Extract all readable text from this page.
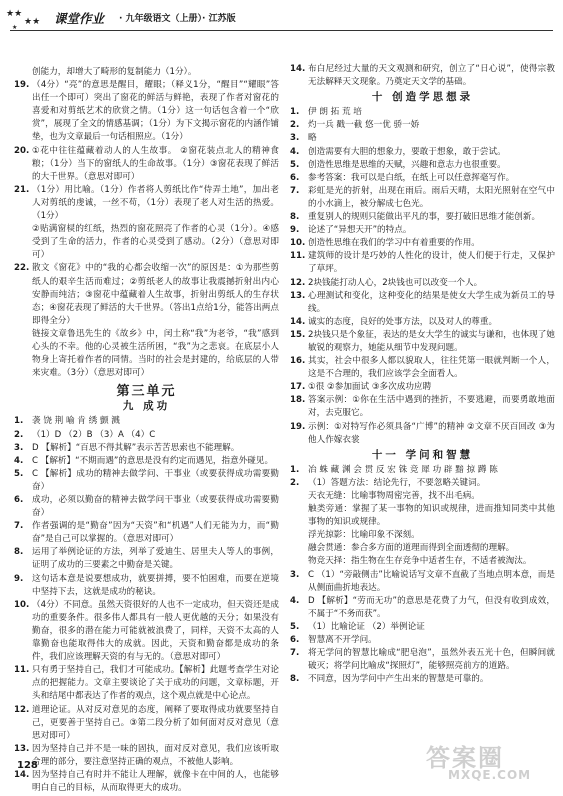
★★
★★
★
课堂作业 · 九年级语文（上册）· 江苏版
创能力，却增大了畸形的复制能力（1分）。
19. （4分）“亮”的意思是醒目，耀眼；（释义1分，“醒目”“耀眼”答出任一个即可）突出了窗花的鲜活与鲜艳，表现了作者对窗花的喜爱和对剪纸艺术的欣赏之情。（1分）这一句话包含着一个“欣赏”，展现了全文的情感基调；（1分）为下文揭示窗花的内涵作铺垫，也为文章最后一句话相照应。（1分）
20. ①花中往往蕴藏着动人的人生故事。 ②窗花装点北人的精神食粮；（1分）当下的窗纸人的生命故事。（1分）③窗花表现了鲜活的大千世界。（意思对即可）
21. （1分）用比喻。（1分）作者将人剪纸比作“侍弄土地”，加出老人对剪纸的虔诚，一丝不苟，（1分）表现了老人对生活的热爱。（1分）
②贴满窗棂的红纸，热烈的窗花照亮了作者的心灵（1分）。④感受到了生命的活力，作者的心灵受到了感动。（2分）（意思对即可）
22. 散文《窗花》中的“我的心都会收缩一次”的原因是：①为那些剪纸人的艰辛生活而难过；②剪纸老人的故事让我震撼折射出内心安静而纯洁；③窗花中蕴藏着人生故事，折射出剪纸人的生存状态；④窗花表现了鲜活的大千世界。（答出1点给1分，能答出两点即得全分）
链接文章鲁迅先生的《故乡》中，闰土称“我”为老爷，“我”感到心头的不幸。他的心灵被生活所困，“我”为之悲哀。在底层小人物身上寄托着作者的同情。当时的社会是封建的，给底层的人带来灾难。（3分）（意思对即可）
第三单元
九 成功
1.	袭 饶 荆 喻 肯 绣 颤 溅
2.	（1）D （2）B （3）A （4）C
3.	D 【解析】“百思不得其解”表示苦苦思索也不能理解。
4.	C 【解析】“不期而遇”的意思是没有约定而遇见，指意外碰见。
5.	C 【解析】成功的精神去做学问、干事业（或要获得成功需要勤奋）
6.	成功，必须以勤奋的精神去做学问干事业（或要获得成功需要勤奋）
7.	作者强调的是“勤奋”因为“天资”和“机遇”人们无能为力，而“勤奋”是自己可以掌握的。（意思对即可）
8.	运用了举例论证的方法，列举了爱迪生、居里夫人等人的事例，证明了成功的三要素之中勤奋是关键。
9.	这句话本意是说要想成功，就要拼搏，要不怕困难，而要在逆境中坚持下去，这就是成功的秘诀。
10. （4分）不同意。虽然天资很好的人也不一定成功，但天资还是成功的重要条件。很多伟人都具有一般人更优越的天分；如果没有勤奋，很多的潜在能力可能就被浪费了，同样，天资不太高的人靠勤奋也能取得伟大的成就。因此，天资和勤奋都是成功的条件，我们应该理解天资的有与无的。（意思对即可）
11. 只有勇于坚持自己，我们才可能成功。【解析】此题考查学生对论点的把握能力。文章主要谈论了关于成功的问题，文章标题，开头和结尾中都表达了作者的观点，这个观点就是中心论点。
12. 道理论证。从对反对意见的态度，阐释了要取得成功就要坚持自己，更要善于坚持自己。③第二段分析了如何面对反对意见（意思对即可）
13. 因为坚持自己并不是一味的固执，面对反对意见，我们应该听取合理的部分，要注意坚持正确的观点，不被他人影响。
14. 因为坚持自己有时并不能让人理解，就像卡在中间的人，也能够明白自己的目标，从而取得更大的成功。
14. 布白尼经过大量的天文观测和研究，创立了“日心说”，使得宗教无法解释天文现象。乃奠定天文学的基础。
十 创造学思想录
1.	伊 朗 拓 荒 培
2.	灼一兵 戳一截 悠一优 骄一娇
3.	略
4.	创造需要有大胆的想象力，要敢于想象，敢于尝试。
5.	创造性思维是思维的天赋，兴趣和意志力也很重要。
6.	参考答案：我可以是白纸，在纸上可以任意挥毫写作。
7.	彩虹是光的折射，出现在雨后。雨后天晴，太阳光照射在空气中的小水滴上，被分解成七色光。
8.	重复别人的规则只能做出平凡的事，要打破旧思维才能创新。
9.	论述了“异想天开”的特点。
10. 创造性思维在我们的学习中有着重要的作用。
11. 建筑师的设计是巧妙的人性化的设计，使人们便于行走，又保护了草坪。
12. 2块钱能打动人心，2块钱也可以改变一个人。
13. 心理测试和变化，这种变化的结果是使女大学生成为新员工的导线。
14. 诚实的态度，良好的处事方法，以及对人的尊重。
15. 2块钱只是个象征，表达的是女大学生的诚实与谦和，也体现了她敏锐的观察力，她能从细节中发现问题。
16. 其实，社会中很多人都以貌取人，往往凭第一眼就判断一个人，这是不合理的，我们应该学会全面看人。
17. ①很 ②参加面试 ③多次成功应聘
18. 答案示例：①你在生活中遇到的挫折，不要逃避，而要勇敢地面对，去克服它。
19. 示例：①对特写作必须具备“广博”的精神 ②文章不厌百回改 ③为他人作嫁衣裳
十一 学问和智慧
1.	冶 蛛 藏 渊 会 贯 反 宏 铢 竞 犀 功 辟 黯 掠 蹲 陈
2.	（1）答题方法：结论先行，不要忽略关键词。
天衣无缝：比喻事物周密完善，找不出毛病。
触类旁通：掌握了某一事物的知识或规律，进而推知同类中其他事物的知识或规律。
浮光掠影：比喻印象不深刻。
融会贯通：参合多方面的道理而得到全面透彻的理解。
物竞天择：指生物在生存竞争中适者生存，不适者被淘汰。
3.	C （1）“旁敲侧击”比喻说话写文章不直截了当地点明本意，而是从侧面曲折地表达。
4.	D 【解析】“劳而无功”的意思是花费了力气，但没有收到成效，不属于“不务而获”。
5.	（1）比喻论证 （2）举例论证
6.	智慧离不开学问。
7.	将无学问的智慧比喻成“肥皂泡”，虽然外表五光十色，但瞬间就破灭；将学问比喻成“探照灯”，能够照亮前方的道路。
8.	不同意，因为学问中产生出来的智慧是可靠的。
128	答案圈
MXQE.COM
